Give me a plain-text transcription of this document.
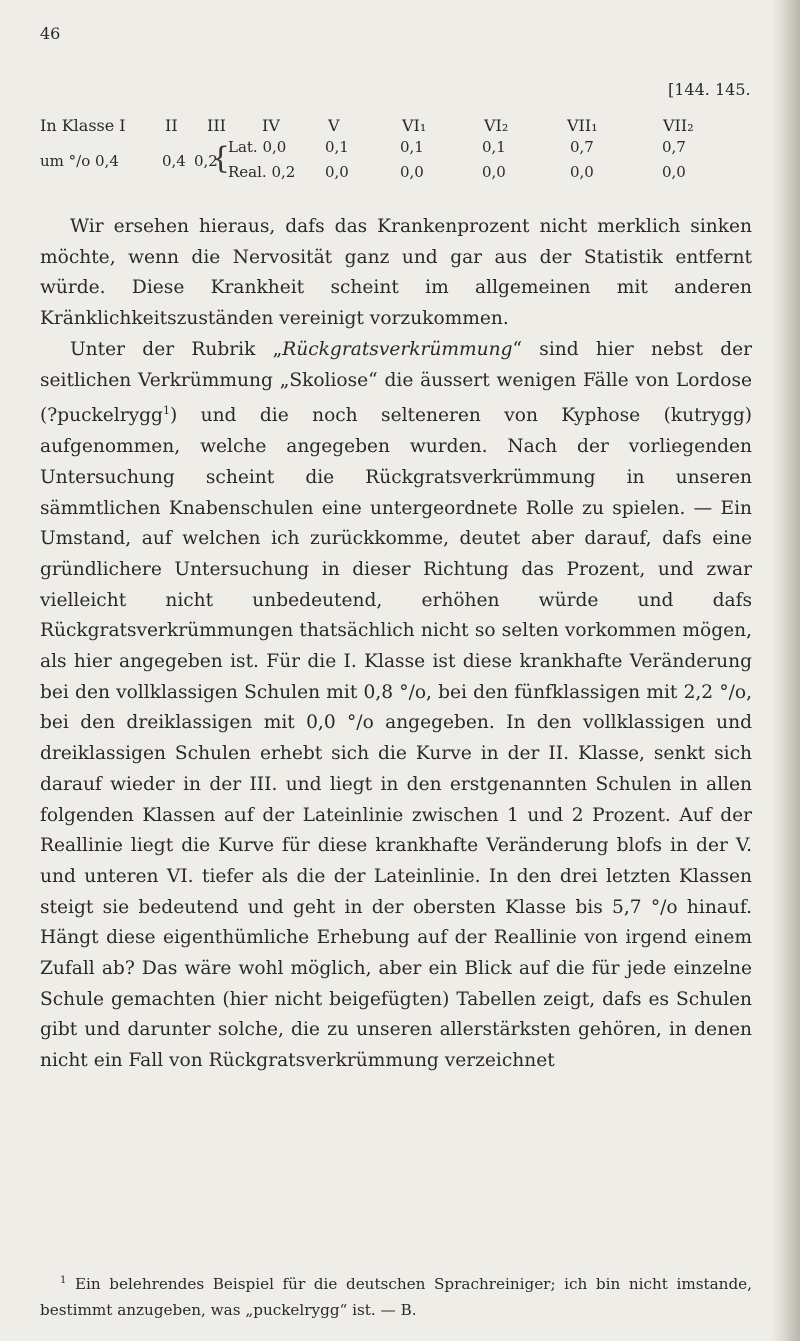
46
[144. 145.
In Klasse I
um °/o 0,4
II
0,4
III
0,2
{
IV
Lat. 0,0
Real. 0,2
V
0,1
0,0
VI₁
0,1
0,0
VI₂
0,1
0,0
VII₁
0,7
0,0
VII₂
0,7
0,0

Wir ersehen hieraus, dafs das Krankenprozent nicht merklich sinken möchte, wenn die Nervosität ganz und gar aus der Statistik entfernt würde. Diese Krankheit scheint im allgemeinen mit anderen Kränklichkeitszuständen vereinigt vorzukommen.

Unter der Rubrik „Rückgratsverkrümmung“ sind hier nebst der seitlichen Verkrümmung „Skoliose“ die äussert wenigen Fälle von Lordose (?puckelrygg$^1$) und die noch selteneren von Kyphose (kutrygg) aufgenommen, welche angegeben wurden. Nach der vorliegenden Untersuchung scheint die Rückgratsverkrümmung in unseren sämmtlichen Knabenschulen eine untergeordnete Rolle zu spielen. — Ein Umstand, auf welchen ich zurückkomme, deutet aber darauf, dafs eine gründlichere Untersuchung in dieser Richtung das Prozent, und zwar vielleicht nicht unbedeutend, erhöhen würde und dafs Rückgratsverkrümmungen thatsächlich nicht so selten vorkommen mögen, als hier angegeben ist. Für die I. Klasse ist diese krankhafte Veränderung bei den vollklassigen Schulen mit 0,8 °/o, bei den fünfklassigen mit 2,2 °/o, bei den dreiklassigen mit 0,0 °/o angegeben. In den vollklassigen und dreiklassigen Schulen erhebt sich die Kurve in der II. Klasse, senkt sich darauf wieder in der III. und liegt in den erstgenannten Schulen in allen folgenden Klassen auf der Lateinlinie zwischen 1 und 2 Prozent. Auf der Reallinie liegt die Kurve für diese krankhafte Veränderung blofs in der V. und unteren VI. tiefer als die der Lateinlinie. In den drei letzten Klassen steigt sie bedeutend und geht in der obersten Klasse bis 5,7 °/o hinauf. Hängt diese eigenthümliche Erhebung auf der Reallinie von irgend einem Zufall ab? Das wäre wohl möglich, aber ein Blick auf die für jede einzelne Schule gemachten (hier nicht beigefügten) Tabellen zeigt, dafs es Schulen gibt und darunter solche, die zu unseren allerstärksten gehören, in denen nicht ein Fall von Rückgratsverkrümmung verzeichnet

$^1$ Ein belehrendes Beispiel für die deutschen Sprachreiniger; ich bin nicht imstande, bestimmt anzugeben, was „puckelrygg“ ist. — B.
